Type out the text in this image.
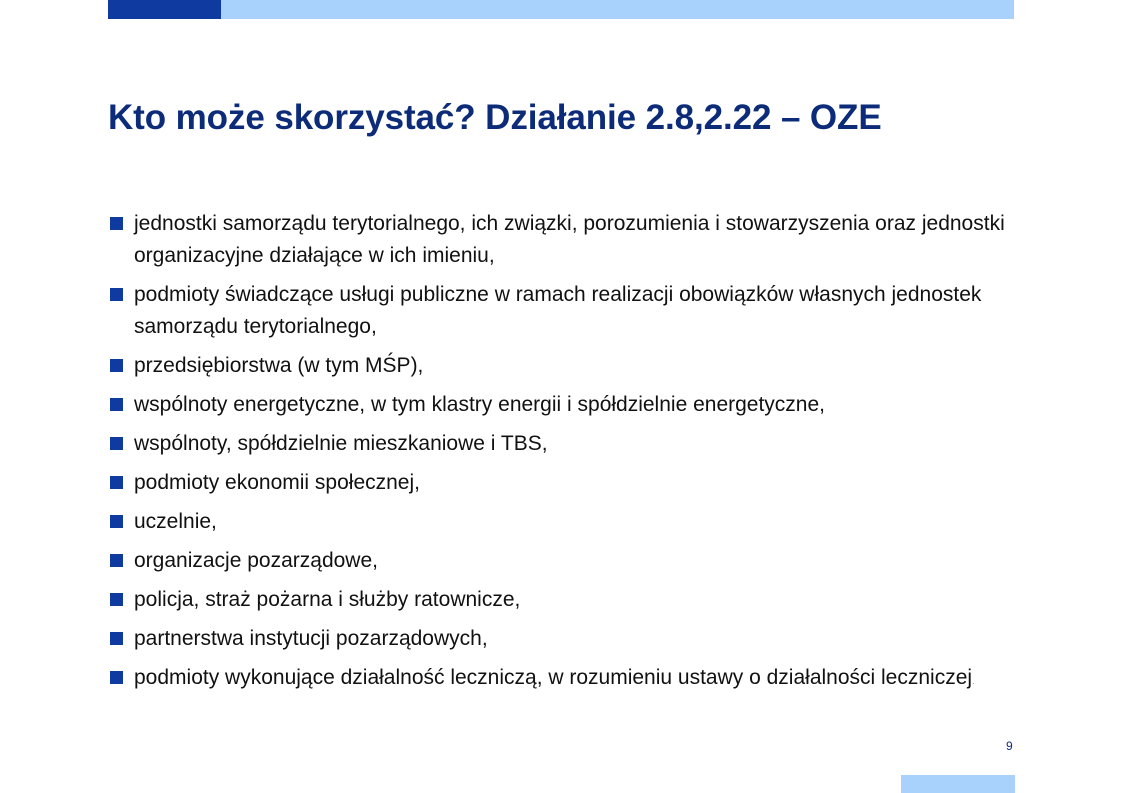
Kto może skorzystać? Działanie 2.8,2.22 – OZE
jednostki samorządu terytorialnego, ich związki, porozumienia i stowarzyszenia oraz jednostki organizacyjne działające w ich imieniu,
podmioty świadczące usługi publiczne w ramach realizacji obowiązków własnych jednostek samorządu terytorialnego,
przedsiębiorstwa (w tym MŚP),
wspólnoty energetyczne, w tym klastry energii i spółdzielnie energetyczne,
wspólnoty, spółdzielnie mieszkaniowe i TBS,
podmioty ekonomii społecznej,
uczelnie,
organizacje pozarządowe,
policja, straż pożarna i służby ratownicze,
partnerstwa instytucji pozarządowych,
podmioty wykonujące działalność leczniczą, w rozumieniu ustawy o działalności leczniczej.
9
